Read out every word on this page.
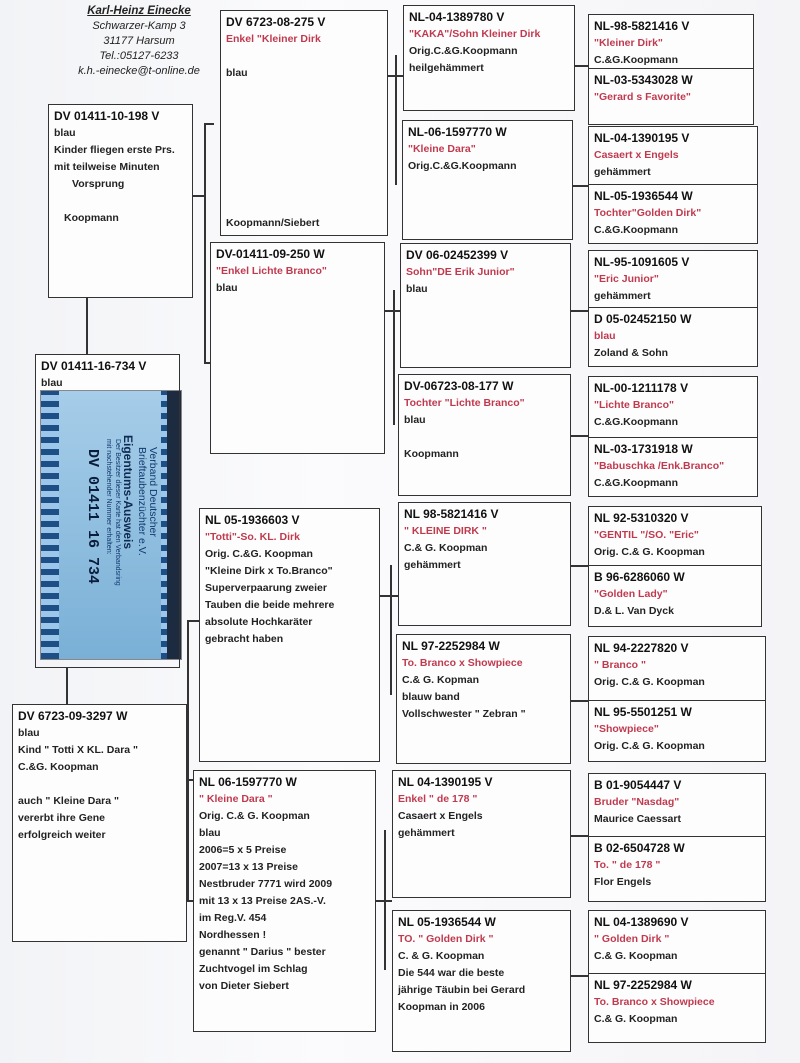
Karl-Heinz Einecke
Schwarzer-Kamp 3
31177 Harsum
Tel.:05127-6233
k.h.-einecke@t-online.de
Verband Deutscher
Brieftaubenzüchter e.V.
Eigentums-Ausweis
Der Besitzer dieser Karte hat den Verbandsring
mit nachstehender Nummer erhalten:
DV 01411 16 734
DV 01411-16-734 V
blau
DV 01411-10-198 V
blau
Kinder fliegen erste Prs.
mit teilweise Minuten
Vorsprung

Koopmann
DV 6723-09-3297 W
blau
Kind " Totti X KL. Dara "
C.&G. Koopman

auch " Kleine Dara "
vererbt ihre Gene
erfolgreich weiter
DV 6723-08-275 V
Enkel "Kleiner Dirk

blau

Koopmann/Siebert
DV-01411-09-250 W
"Enkel Lichte Branco"
blau
NL 05-1936603 V
"Totti"-So. KL. Dirk
Orig. C.&G. Koopman
"Kleine Dirk x To.Branco"
Superverpaarung zweier
Tauben die beide mehrere
absolute Hochkaräter
gebracht haben
NL 06-1597770 W
" Kleine Dara "
Orig. C.& G. Koopman
blau
2006=5 x 5 Preise
2007=13 x 13 Preise
Nestbruder 7771 wird 2009
mit 13 x 13 Preise 2AS.-V.
im Reg.V. 454
Nordhessen !
genannt " Darius " bester
Zuchtvogel im Schlag
von Dieter Siebert
NL-04-1389780 V
"KAKA"/Sohn Kleiner Dirk
Orig.C.&G.Koopmann
heilgehämmert
NL-06-1597770 W
"Kleine Dara"
Orig.C.&G.Koopmann
DV 06-02452399 V
Sohn"DE Erik Junior"
blau
DV-06723-08-177 W
Tochter "Lichte Branco"
blau

Koopmann
NL 98-5821416 V
" KLEINE DIRK "
C.& G. Koopman
gehämmert
NL 97-2252984 W
To. Branco x Showpiece
C.& G. Kopman
blauw band
Vollschwester " Zebran "
NL 04-1390195 V
Enkel " de 178 "
Casaert x Engels
gehämmert
NL 05-1936544 W
TO. " Golden Dirk "
C. & G. Koopman
Die 544 war die beste
jährige Täubin bei Gerard
Koopman in 2006
NL-98-5821416 V
"Kleiner Dirk"
C.&G.Koopmann
NL-03-5343028 W
"Gerard s Favorite"
NL-04-1390195 V
Casaert x Engels
gehämmert
NL-05-1936544 W
Tochter"Golden Dirk"
C.&G.Koopmann
NL-95-1091605 V
"Eric Junior"
gehämmert
D 05-02452150 W
blau
Zoland & Sohn
NL-00-1211178 V
"Lichte Branco"
C.&G.Koopmann
NL-03-1731918 W
"Babuschka /Enk.Branco"
C.&G.Koopmann
NL 92-5310320 V
"GENTIL "/SO. "Eric"
Orig. C.& G. Koopman
B 96-6286060 W
"Golden Lady"
D.& L. Van Dyck
NL 94-2227820 V
" Branco "
Orig. C.& G. Koopman
NL 95-5501251 W
"Showpiece"
Orig. C.& G. Koopman
B 01-9054447 V
Bruder "Nasdag"
Maurice Caessart
B 02-6504728 W
To. " de 178 "
Flor Engels
NL 04-1389690 V
" Golden Dirk "
C.& G. Koopman
NL 97-2252984 W
To. Branco x Showpiece
C.& G. Koopman
